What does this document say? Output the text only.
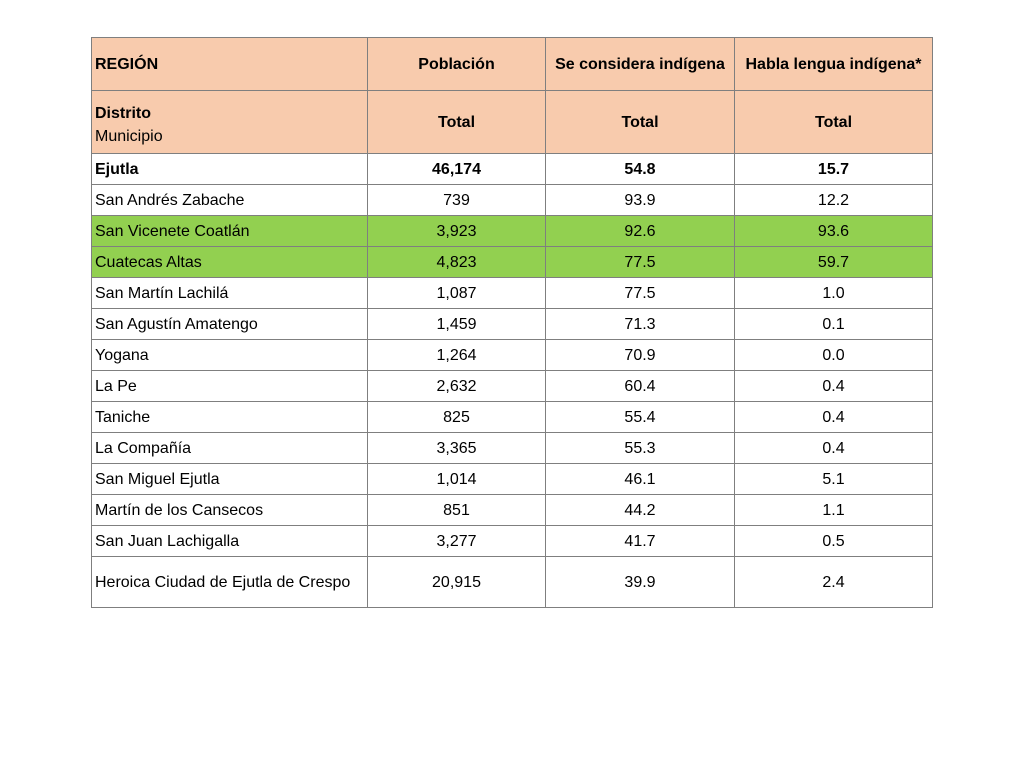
REGIÓN	Población	Se considera indígena	Habla lengua indígena*

Distrito
Municipio	Total	Total	Total
Ejutla	46,174	54.8	15.7
San Andrés Zabache	739	93.9	12.2
San Vicenete Coatlán	3,923	92.6	93.6
Cuatecas Altas	4,823	77.5	59.7
San Martín Lachilá	1,087	77.5	1.0
San Agustín Amatengo	1,459	71.3	0.1
Yogana	1,264	70.9	0.0
La Pe	2,632	60.4	0.4
Taniche	825	55.4	0.4
La Compañía	3,365	55.3	0.4
San Miguel Ejutla	1,014	46.1	5.1
Martín de los Cansecos	851	44.2	1.1
San Juan Lachigalla	3,277	41.7	0.5
Heroica Ciudad de Ejutla de Crespo	20,915	39.9	2.4
